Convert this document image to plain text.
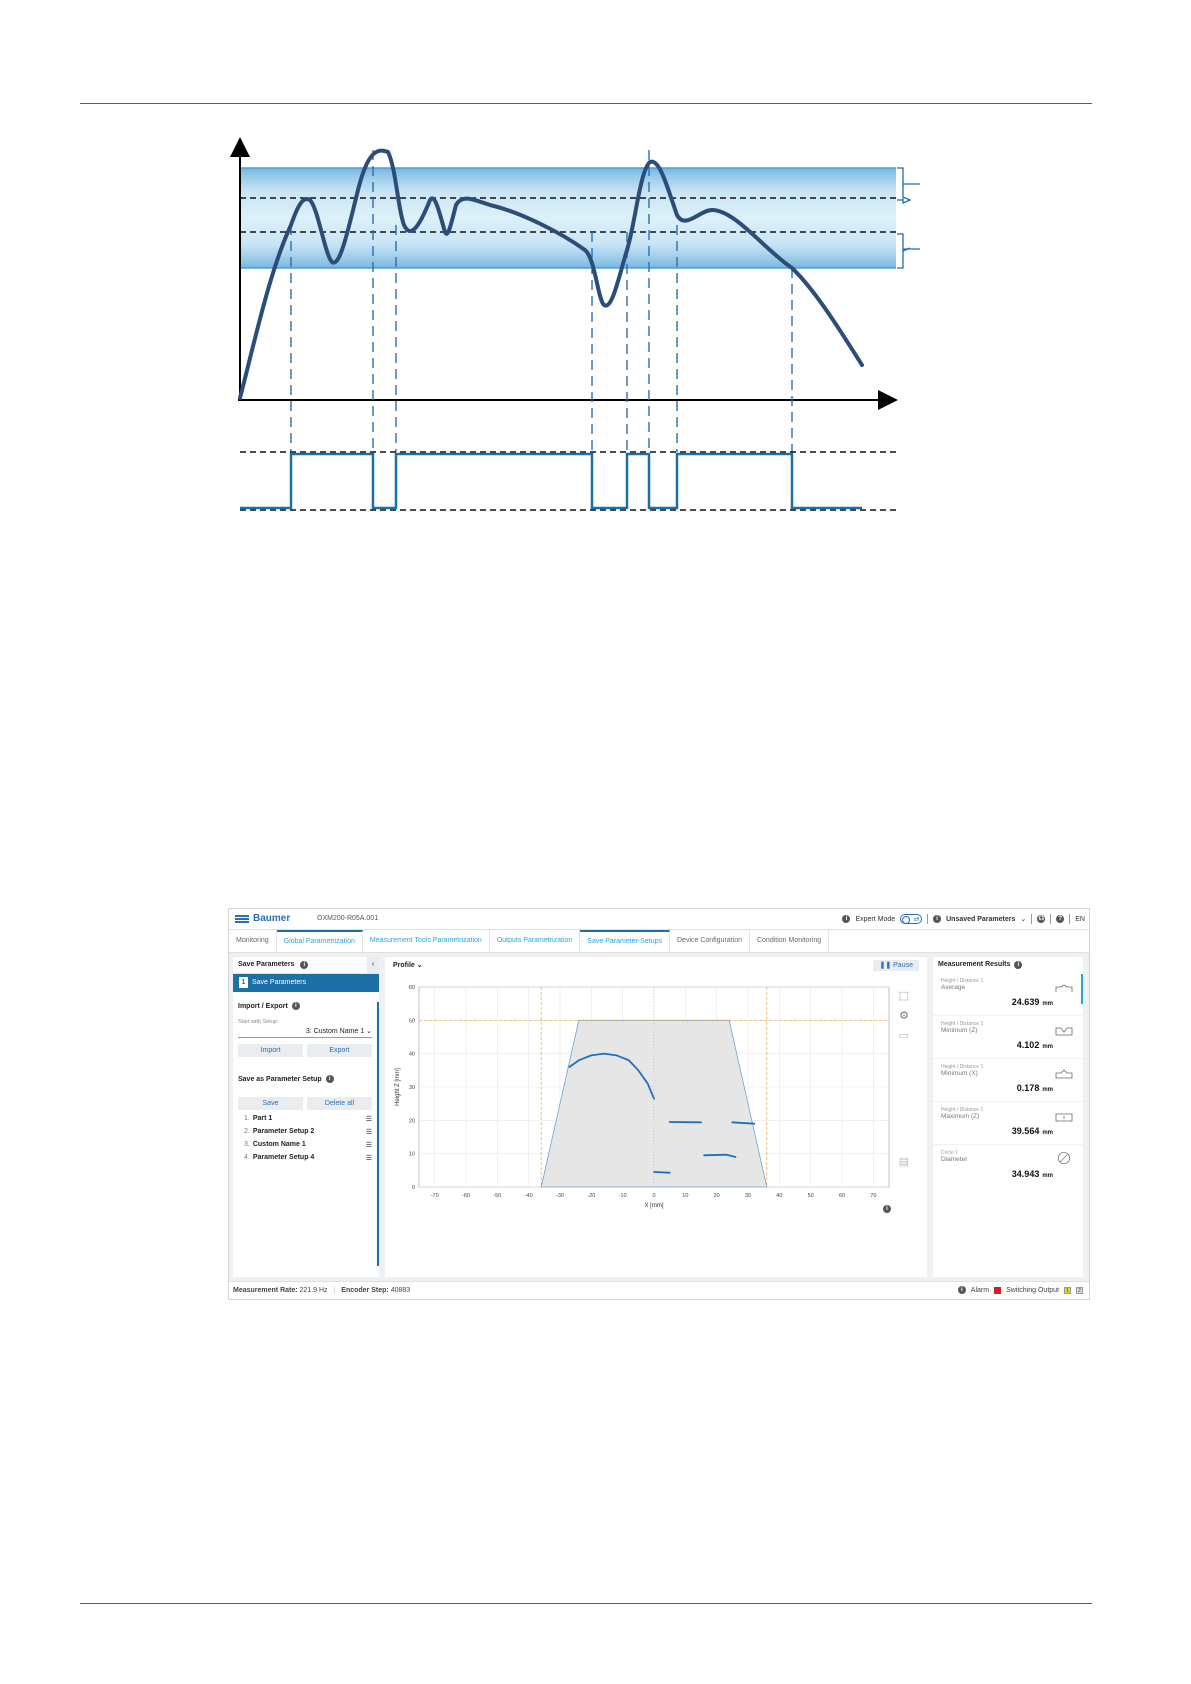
Baumer	OXM200-R05A.001	i	Expert Mode	off	i	Unsaved Parameters ⌄ ☊	?	EN
Monitoring	Global Parametrization	Measurement Tools Parametrization	Outputs Parametrization	Save Parameter-Setups	Device Configuration	Condition Monitoring
Save Parameters i	‹
1 Save Parameters
Import / Export	i
Start with Setup:
3: Custom Name 1 ⌄
Import	Export
Save as Parameter Setup	i
Save	Delete all
1. Part 1	☰
2. Parameter Setup 2	☰
3. Custom Name 1	☰
4. Parameter Setup 4	☰
Profile ⌄	❚❚ Pause
-70	-60	-50	-40	-30	-20	-10	0	10	20	30	40	50	60	70
0
10
20
30
40
50
60
X [mm]
Height Z [mm]
⬚
⚙
▭
▤
i
Measurement Results	i
Height / Distance 1
Average
24.639 mm
Height / Distance 1
Minimum (Z)
4.102 mm
Height / Distance 1
Minimum (X)
0.178 mm
Height / Distance 1
Maximum (Z)
39.564 mm
Circle 1
Diameter
34.943 mm
Measurement Rate: 221.9 Hz | Encoder Step: 40883	i	Alarm Switching Output	1	2
